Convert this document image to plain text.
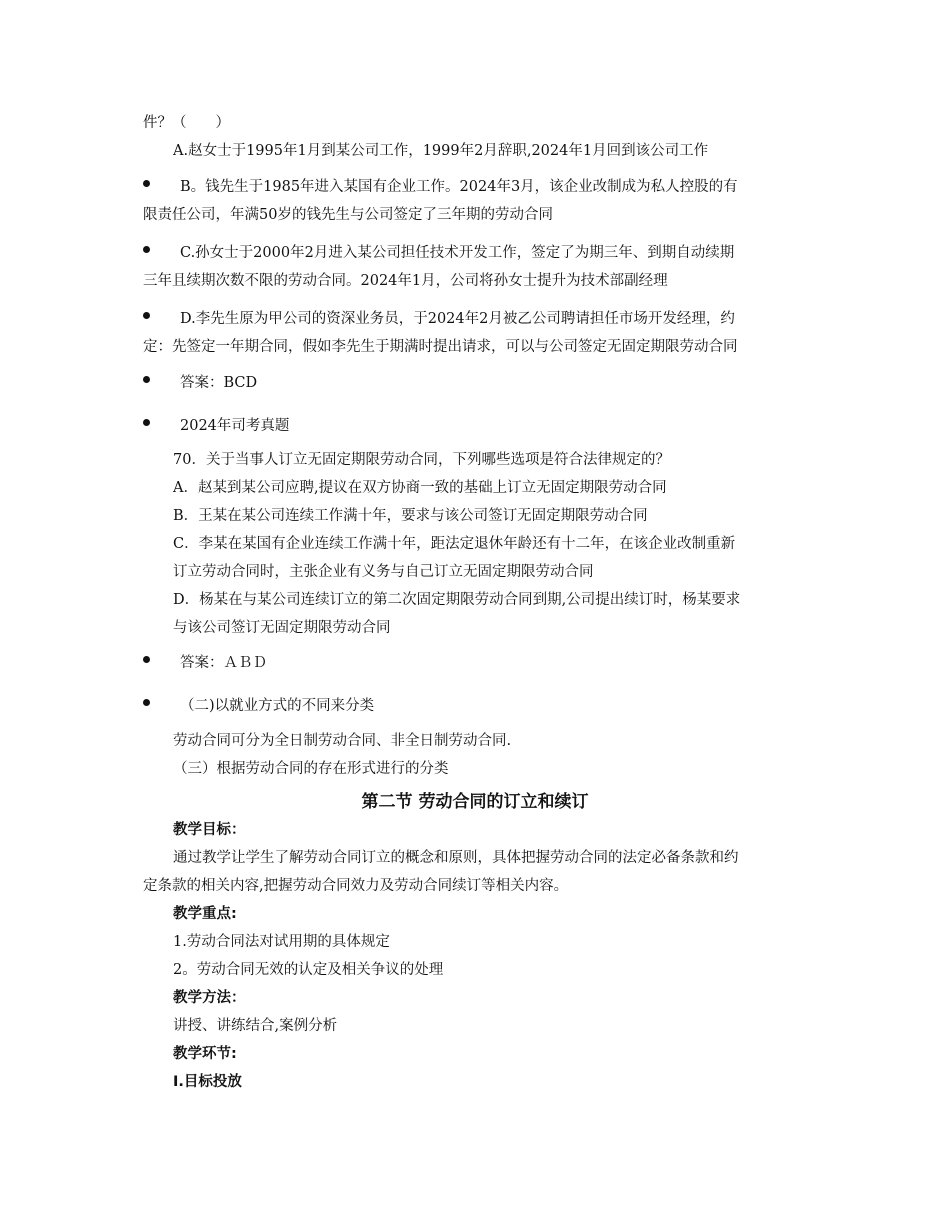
件？（　　）
A.赵女士于1995年1月到某公司工作，1999年2月辞职,2024年1月回到该公司工作
B。钱先生于1985年进入某国有企业工作。2024年3月，该企业改制成为私人控股的有
限责任公司，年满50岁的钱先生与公司签定了三年期的劳动合同
C.孙女士于2000年2月进入某公司担任技术开发工作，签定了为期三年、到期自动续期
三年且续期次数不限的劳动合同。2024年1月，公司将孙女士提升为技术部副经理
D.李先生原为甲公司的资深业务员，于2024年2月被乙公司聘请担任市场开发经理，约
定：先签定一年期合同，假如李先生于期满时提出请求，可以与公司签定无固定期限劳动合同
答案：BCD
2024年司考真题
70．关于当事人订立无固定期限劳动合同，下列哪些选项是符合法律规定的？
A．赵某到某公司应聘,提议在双方协商一致的基础上订立无固定期限劳动合同
B．王某在某公司连续工作满十年，要求与该公司签订无固定期限劳动合同
C．李某在某国有企业连续工作满十年，距法定退休年龄还有十二年，在该企业改制重新
订立劳动合同时，主张企业有义务与自己订立无固定期限劳动合同
D．杨某在与某公司连续订立的第二次固定期限劳动合同到期,公司提出续订时，杨某要求
与该公司签订无固定期限劳动合同
答案：ＡＢＤ
（二)以就业方式的不同来分类
劳动合同可分为全日制劳动合同、非全日制劳动合同.
（三）根据劳动合同的存在形式进行的分类
第二节 劳动合同的订立和续订
教学目标：
通过教学让学生了解劳动合同订立的概念和原则，具体把握劳动合同的法定必备条款和约
定条款的相关内容,把握劳动合同效力及劳动合同续订等相关内容。
教学重点:
1.劳动合同法对试用期的具体规定
2。劳动合同无效的认定及相关争议的处理
教学方法：
讲授、讲练结合,案例分析
教学环节:
I.目标投放
